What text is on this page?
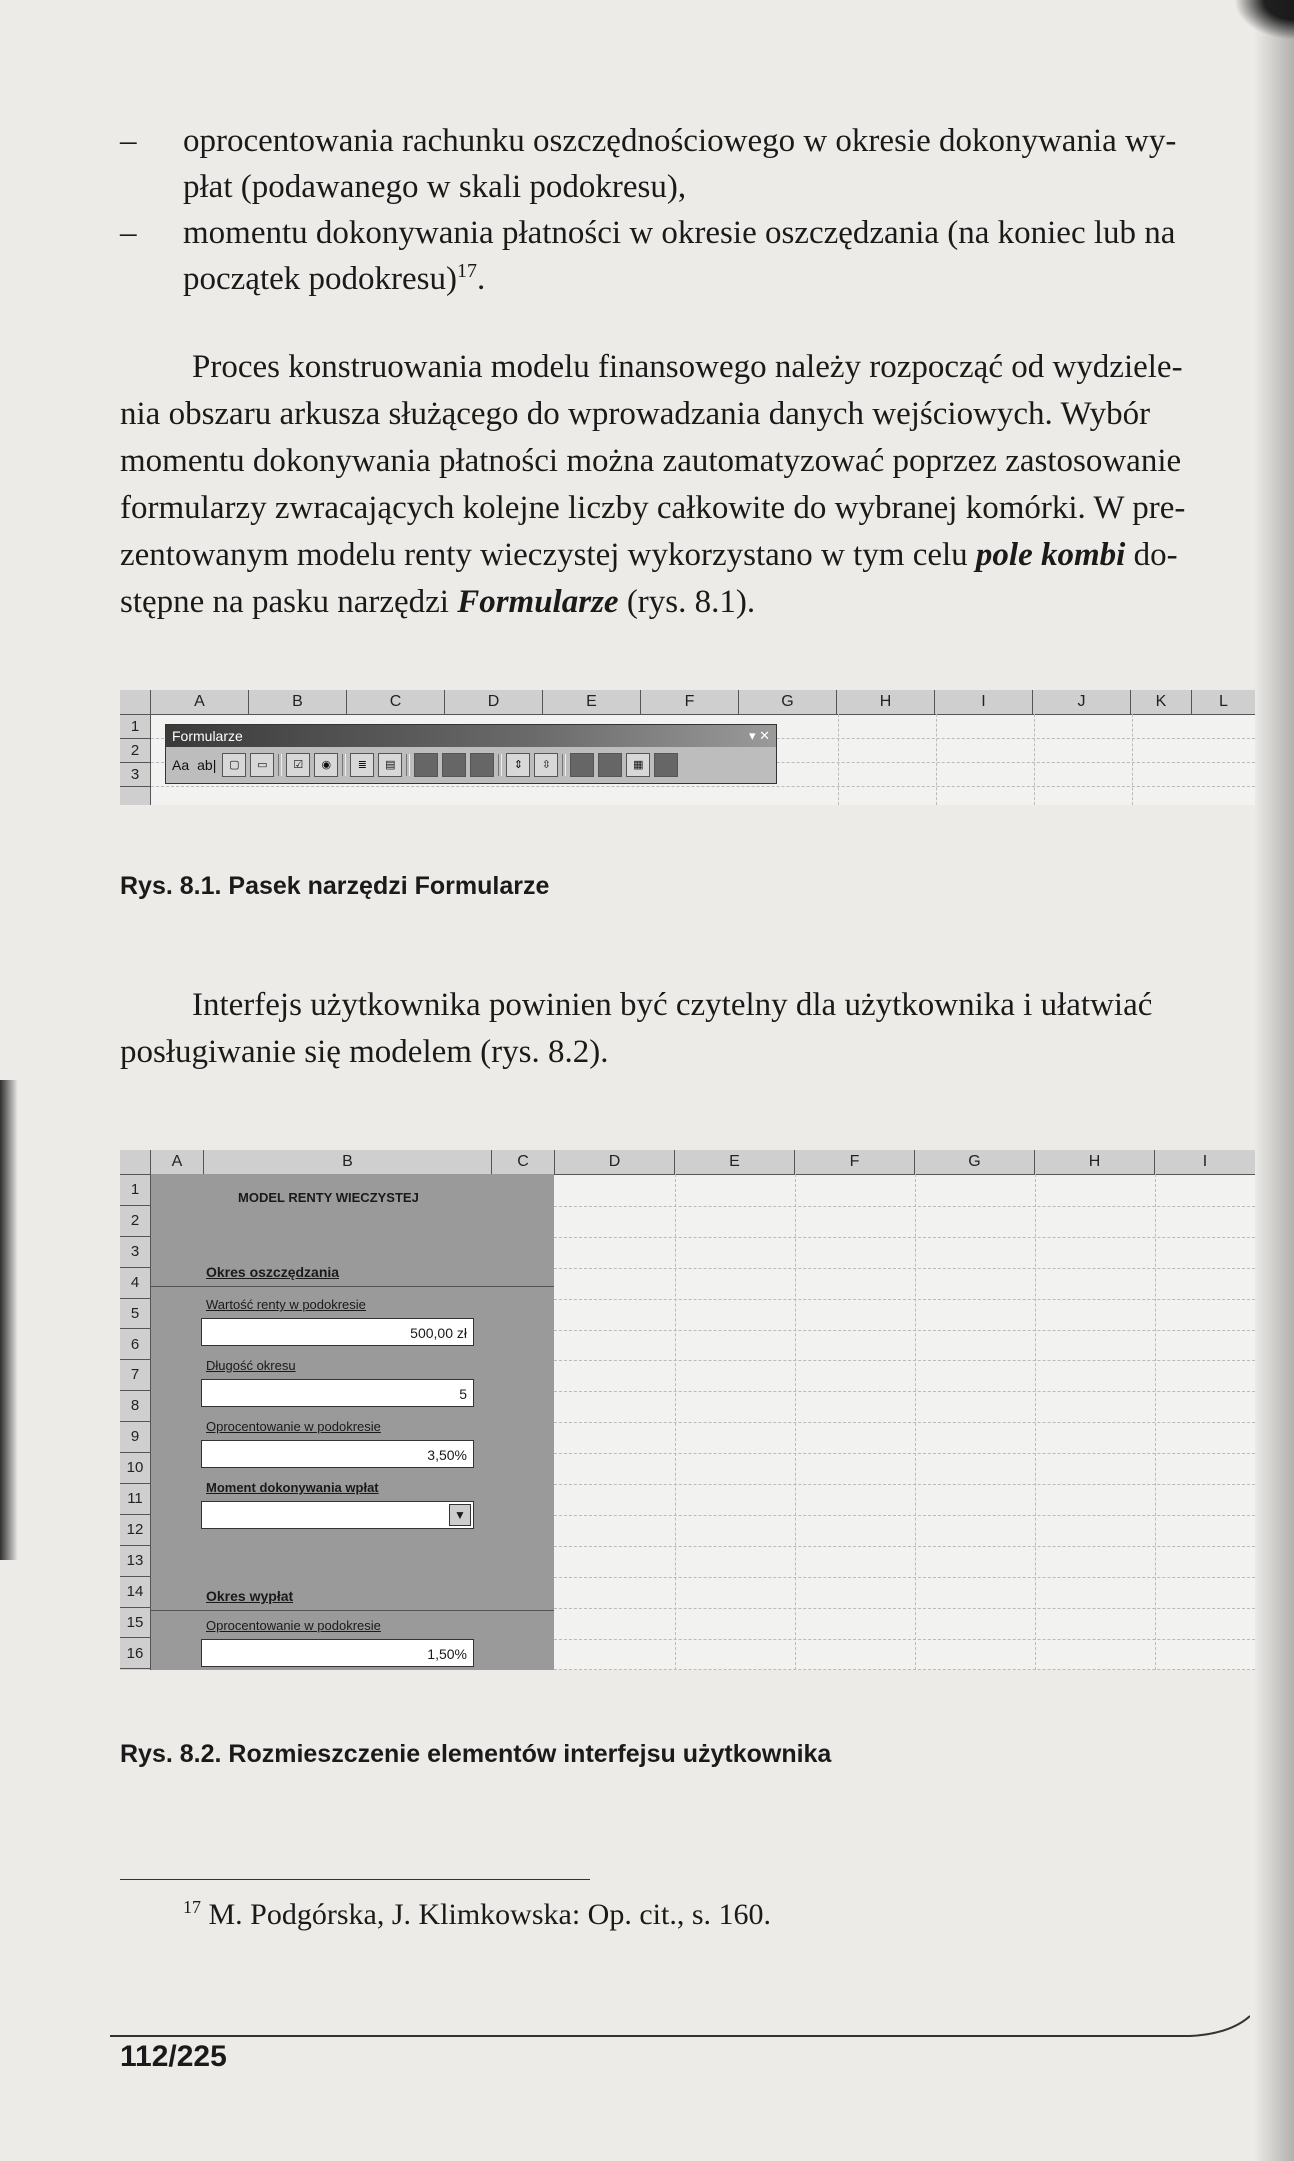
– oprocentowania rachunku oszczędnościowego w okresie dokonywania wy-
płat (podawanego w skali podokresu),
– momentu dokonywania płatności w okresie oszczędzania (na koniec lub na
początek podokresu)$^{17}$.
Proces konstruowania modelu finansowego należy rozpocząć od wydziele-
nia obszaru arkusza służącego do wprowadzania danych wejściowych. Wybór
momentu dokonywania płatności można zautomatyzować poprzez zastosowanie
formularzy zwracających kolejne liczby całkowite do wybranej komórki. W pre-
zentowanym modelu renty wieczystej wykorzystano w tym celu pole kombi do-
stępne na pasku narzędzi Formularze (rys. 8.1).
A	B	C	D	E	F	G	H	I	J	K	L
1
2
3
Formularze	▾ ✕
Aa ab|	▢	▭	☑	◉	≣	▤	⇕	⇳	▦
Rys. 8.1. Pasek narzędzi Formularze
Interfejs użytkownika powinien być czytelny dla użytkownika i ułatwiać
posługiwanie się modelem (rys. 8.2).
A	B	C	D	E	F	G	H	I
1
2
3
4
5
6
7
8
9
10
11
12
13
14
15
16
MODEL RENTY WIECZYSTEJ
Okres oszczędzania
Wartość renty w podokresie
500,00 zł
Długość okresu
5
Oprocentowanie w podokresie
3,50%
Moment dokonywania wpłat
▼
Okres wypłat
Oprocentowanie w podokresie
1,50%
Rys. 8.2. Rozmieszczenie elementów interfejsu użytkownika
$^{17}$ M. Podgórska, J. Klimkowska: Op. cit., s. 160.
112/225
